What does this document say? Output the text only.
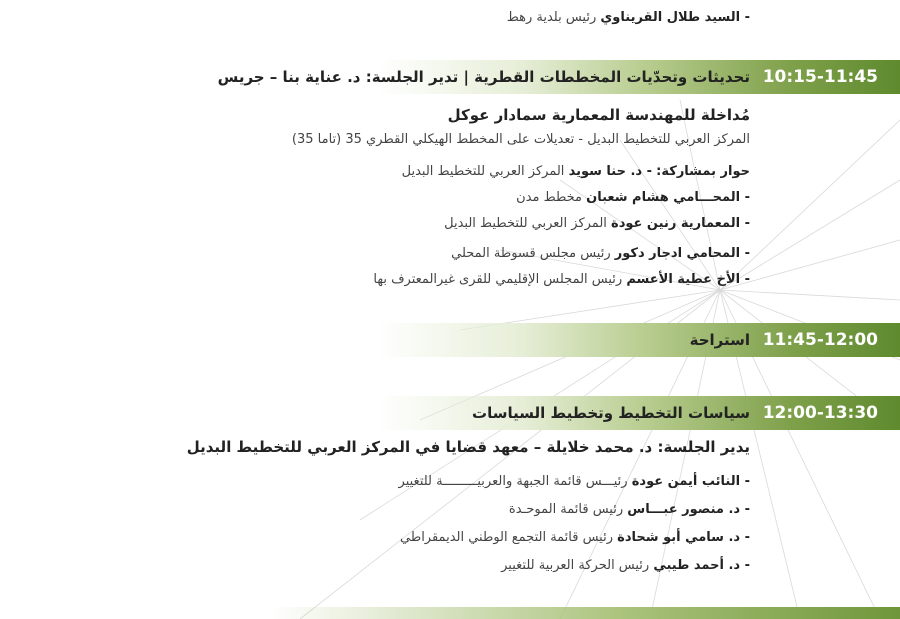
- السيد طلال القريناوي رئيس بلدية رهط
10:15-11:45
تحديثات وتحدّيات المخططات القطرية | تدير الجلسة: د. عناية بنا – جريس
مُداخلة للمهندسة المعمارية سمادار عوكل
المركز العربي للتخطيط البديل - تعديلات على المخطط الهيكلي القطري 35 (تاما 35)
حوار بمشاركة: - د. حنا سويد المركز العربي للتخطيط البديل
- المحـــامي هشام شعبان مخطط مدن
- المعمارية رنين عودة المركز العربي للتخطيط البديل
- المحامي ادجار دكور رئيس مجلس قسوطة المحلي
- الأخ عطية الأعسم رئيس المجلس الإقليمي للقرى غيرالمعترف بها
11:45-12:00
استراحة
12:00-13:30
سياسات التخطيط وتخطيط السياسات
يدير الجلسة: د. محمد خلايلة – معهد قضايا في المركز العربي للتخطيط البديل
- النائب أيمن عودة رئيـــس قائمة الجبهة والعربيـــــــــة للتغيير
- د. منصور عبـــاس رئيس قائمة الموحـدة
- د. سامي أبو شحادة رئيس قائمة التجمع الوطني الديمقراطي
- د. أحمد طيبي رئيس الحركة العربية للتغيير
